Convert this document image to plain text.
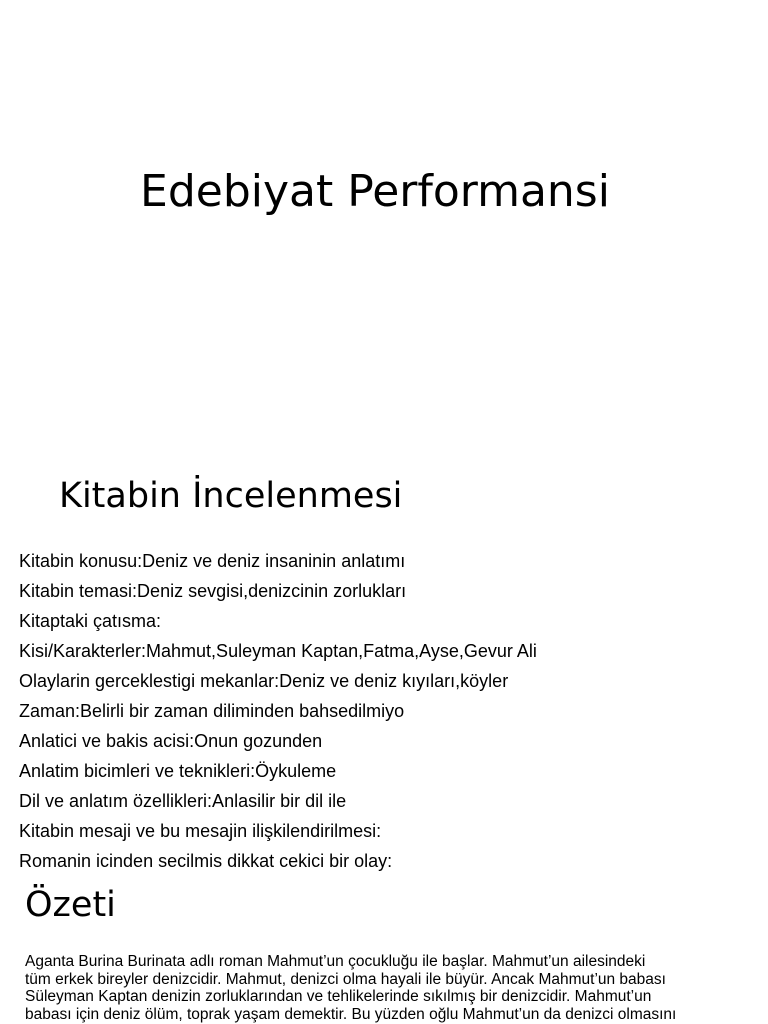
Edebiyat Performansi
Kitabin İncelenmesi
Kitabin konusu:Deniz ve deniz insaninin anlatımı
Kitabin temasi:Deniz sevgisi,denizcinin zorlukları
Kitaptaki çatısma:
Kisi/Karakterler:Mahmut,Suleyman Kaptan,Fatma,Ayse,Gevur Ali
Olaylarin gerceklestigi mekanlar:Deniz ve deniz kıyıları,köyler
Zaman:Belirli bir zaman diliminden bahsedilmiyo
Anlatici ve bakis acisi:Onun gozunden
Anlatim bicimleri ve teknikleri:Öykuleme
Dil ve anlatım özellikleri:Anlasilir bir dil ile
Kitabin mesaji ve bu mesajin ilişkilendirilmesi:
Romanin icinden secilmis dikkat cekici bir olay:
Özeti

Aganta Burina Burinata adlı roman Mahmut’un çocukluğu ile başlar. Mahmut’un ailesindeki
tüm erkek bireyler denizcidir. Mahmut, denizci olma hayali ile büyür. Ancak Mahmut’un babası
Süleyman Kaptan denizin zorluklarından ve tehlikelerinde sıkılmış bir denizcidir. Mahmut’un
babası için deniz ölüm, toprak yaşam demektir. Bu yüzden oğlu Mahmut’un da denizci olmasını
